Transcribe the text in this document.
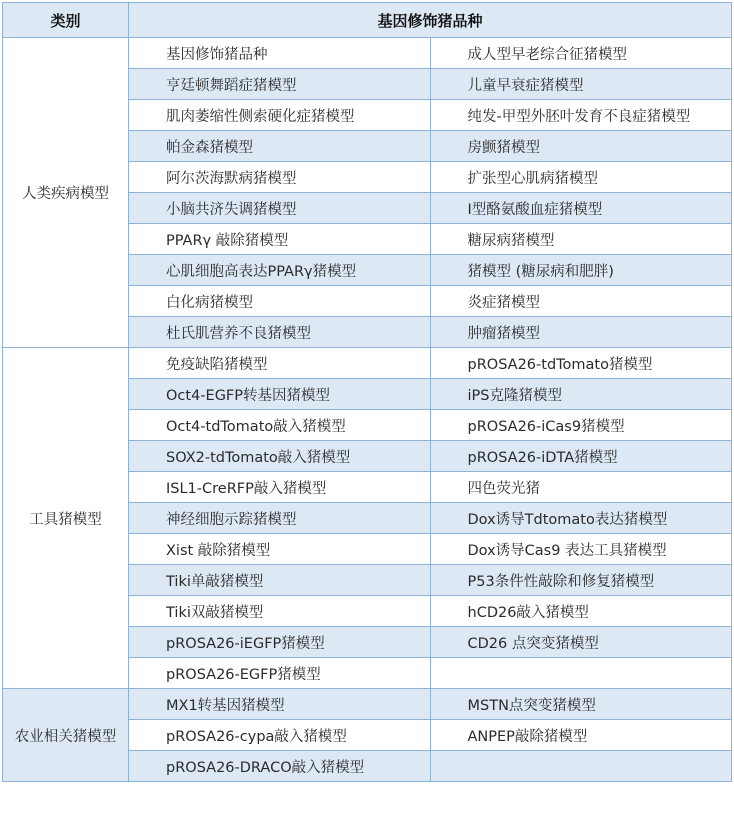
类别	基因修饰猪品种	
人类疾病模型	基因修饰猪品种	成人型早老综合征猪模型
	亨廷顿舞蹈症猪模型	儿童早衰症猪模型
	肌肉萎缩性侧索硬化症猪模型	纯发-甲型外胚叶发育不良症猪模型
	帕金森猪模型	房颤猪模型
	阿尔茨海默病猪模型	扩张型心肌病猪模型
	小脑共济失调猪模型	I型酪氨酸血症猪模型
	PPARγ 敲除猪模型	糖尿病猪模型
	心肌细胞高表达PPARγ猪模型	猪模型 (糖尿病和肥胖)
	白化病猪模型	炎症猪模型
	杜氏肌营养不良猪模型	肿瘤猪模型
工具猪模型	免疫缺陷猪模型	pROSA26-tdTomato猪模型
	Oct4-EGFP转基因猪模型	iPS克隆猪模型
	Oct4-tdTomato敲入猪模型	pROSA26-iCas9猪模型
	SOX2-tdTomato敲入猪模型	pROSA26-iDTA猪模型
	ISL1-CreRFP敲入猪模型	四色荧光猪
	神经细胞示踪猪模型	Dox诱导Tdtomato表达猪模型
	Xist 敲除猪模型	Dox诱导Cas9 表达工具猪模型
	Tiki单敲猪模型	P53条件性敲除和修复猪模型
	Tiki双敲猪模型	hCD26敲入猪模型
	pROSA26-iEGFP猪模型	CD26 点突变猪模型
	pROSA26-EGFP猪模型	
农业相关猪模型	MX1转基因猪模型	MSTN点突变猪模型
	pROSA26-cypa敲入猪模型	ANPEP敲除猪模型
	pROSA26-DRACO敲入猪模型	
